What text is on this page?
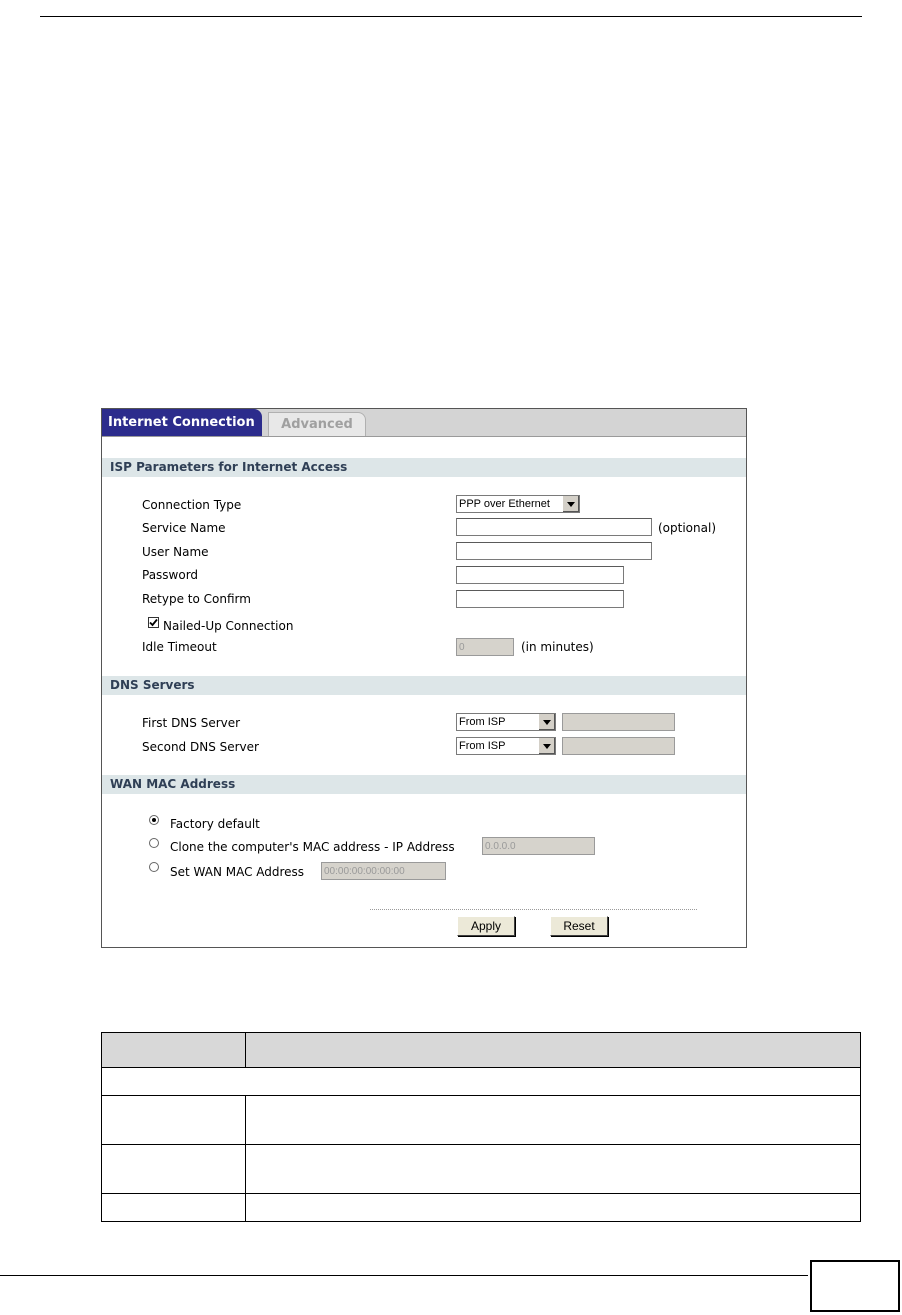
Internet Connection	Advanced
ISP Parameters for Internet Access
Connection Type	PPP over Ethernet
Service Name	(optional)
User Name
Password
Retype to Confirm
Nailed-Up Connection
Idle Timeout	0	(in minutes)
DNS Servers
First DNS Server	From ISP
Second DNS Server	From ISP
WAN MAC Address
Factory default
Clone the computer's MAC address - IP Address	0.0.0.0
Set WAN MAC Address	00:00:00:00:00:00
Apply	Reset
